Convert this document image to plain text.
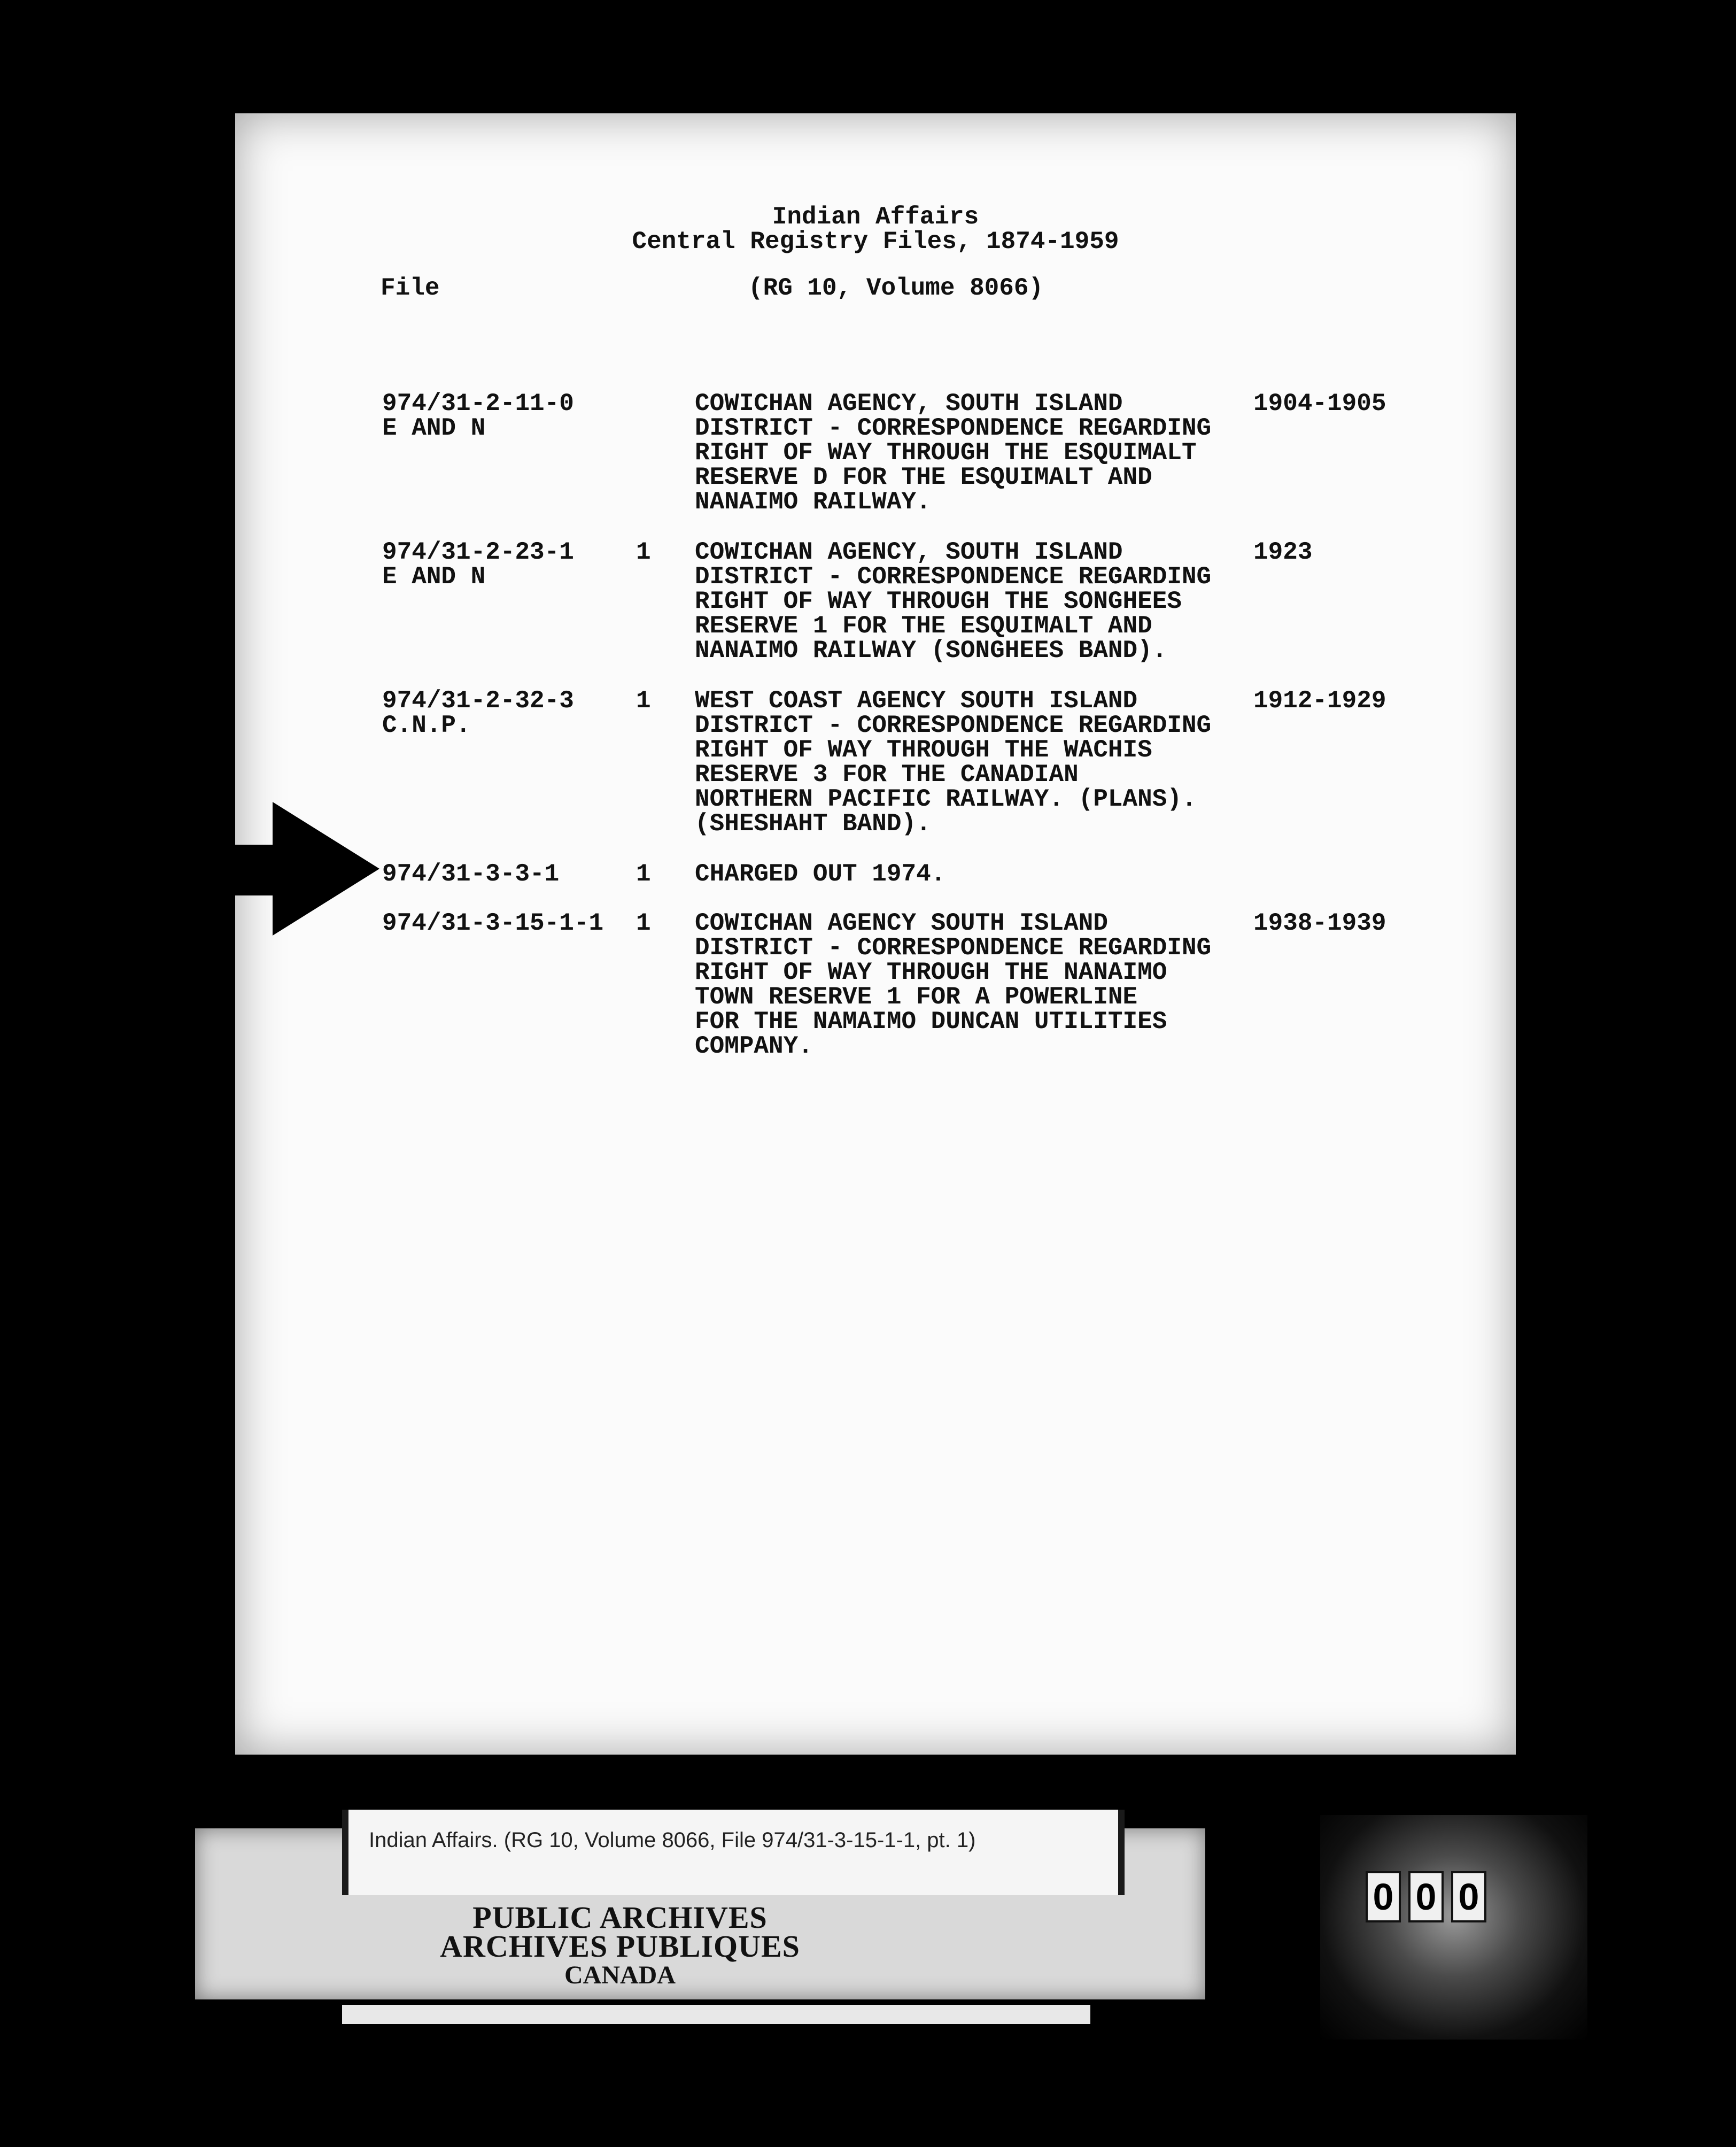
Indian Affairs
Central Registry Files, 1874-1959
File	(RG 10, Volume 8066)
974/31-2-11-0
E AND N
COWICHAN AGENCY, SOUTH ISLAND
DISTRICT - CORRESPONDENCE REGARDING
RIGHT OF WAY THROUGH THE ESQUIMALT
RESERVE D FOR THE ESQUIMALT AND
NANAIMO RAILWAY.
1904-1905
974/31-2-23-1
E AND N
1 COWICHAN AGENCY, SOUTH ISLAND
DISTRICT - CORRESPONDENCE REGARDING
RIGHT OF WAY THROUGH THE SONGHEES
RESERVE 1 FOR THE ESQUIMALT AND
NANAIMO RAILWAY (SONGHEES BAND).
1923
974/31-2-32-3
C.N.P.
1 WEST COAST AGENCY SOUTH ISLAND
DISTRICT - CORRESPONDENCE REGARDING
RIGHT OF WAY THROUGH THE WACHIS
RESERVE 3 FOR THE CANADIAN
NORTHERN PACIFIC RAILWAY. (PLANS).
(SHESHAHT BAND).
1912-1929
974/31-3-3-1	1 CHARGED OUT 1974.
974/31-3-15-1-1 1 COWICHAN AGENCY SOUTH ISLAND
DISTRICT - CORRESPONDENCE REGARDING
RIGHT OF WAY THROUGH THE NANAIMO
TOWN RESERVE 1 FOR A POWERLINE
FOR THE NAMAIMO DUNCAN UTILITIES
COMPANY.
1938-1939
Indian Affairs. (RG 10, Volume 8066, File 974/31-3-15-1-1, pt. 1)
PUBLIC ARCHIVES
ARCHIVES PUBLIQUES
CANADA
0 0 0
